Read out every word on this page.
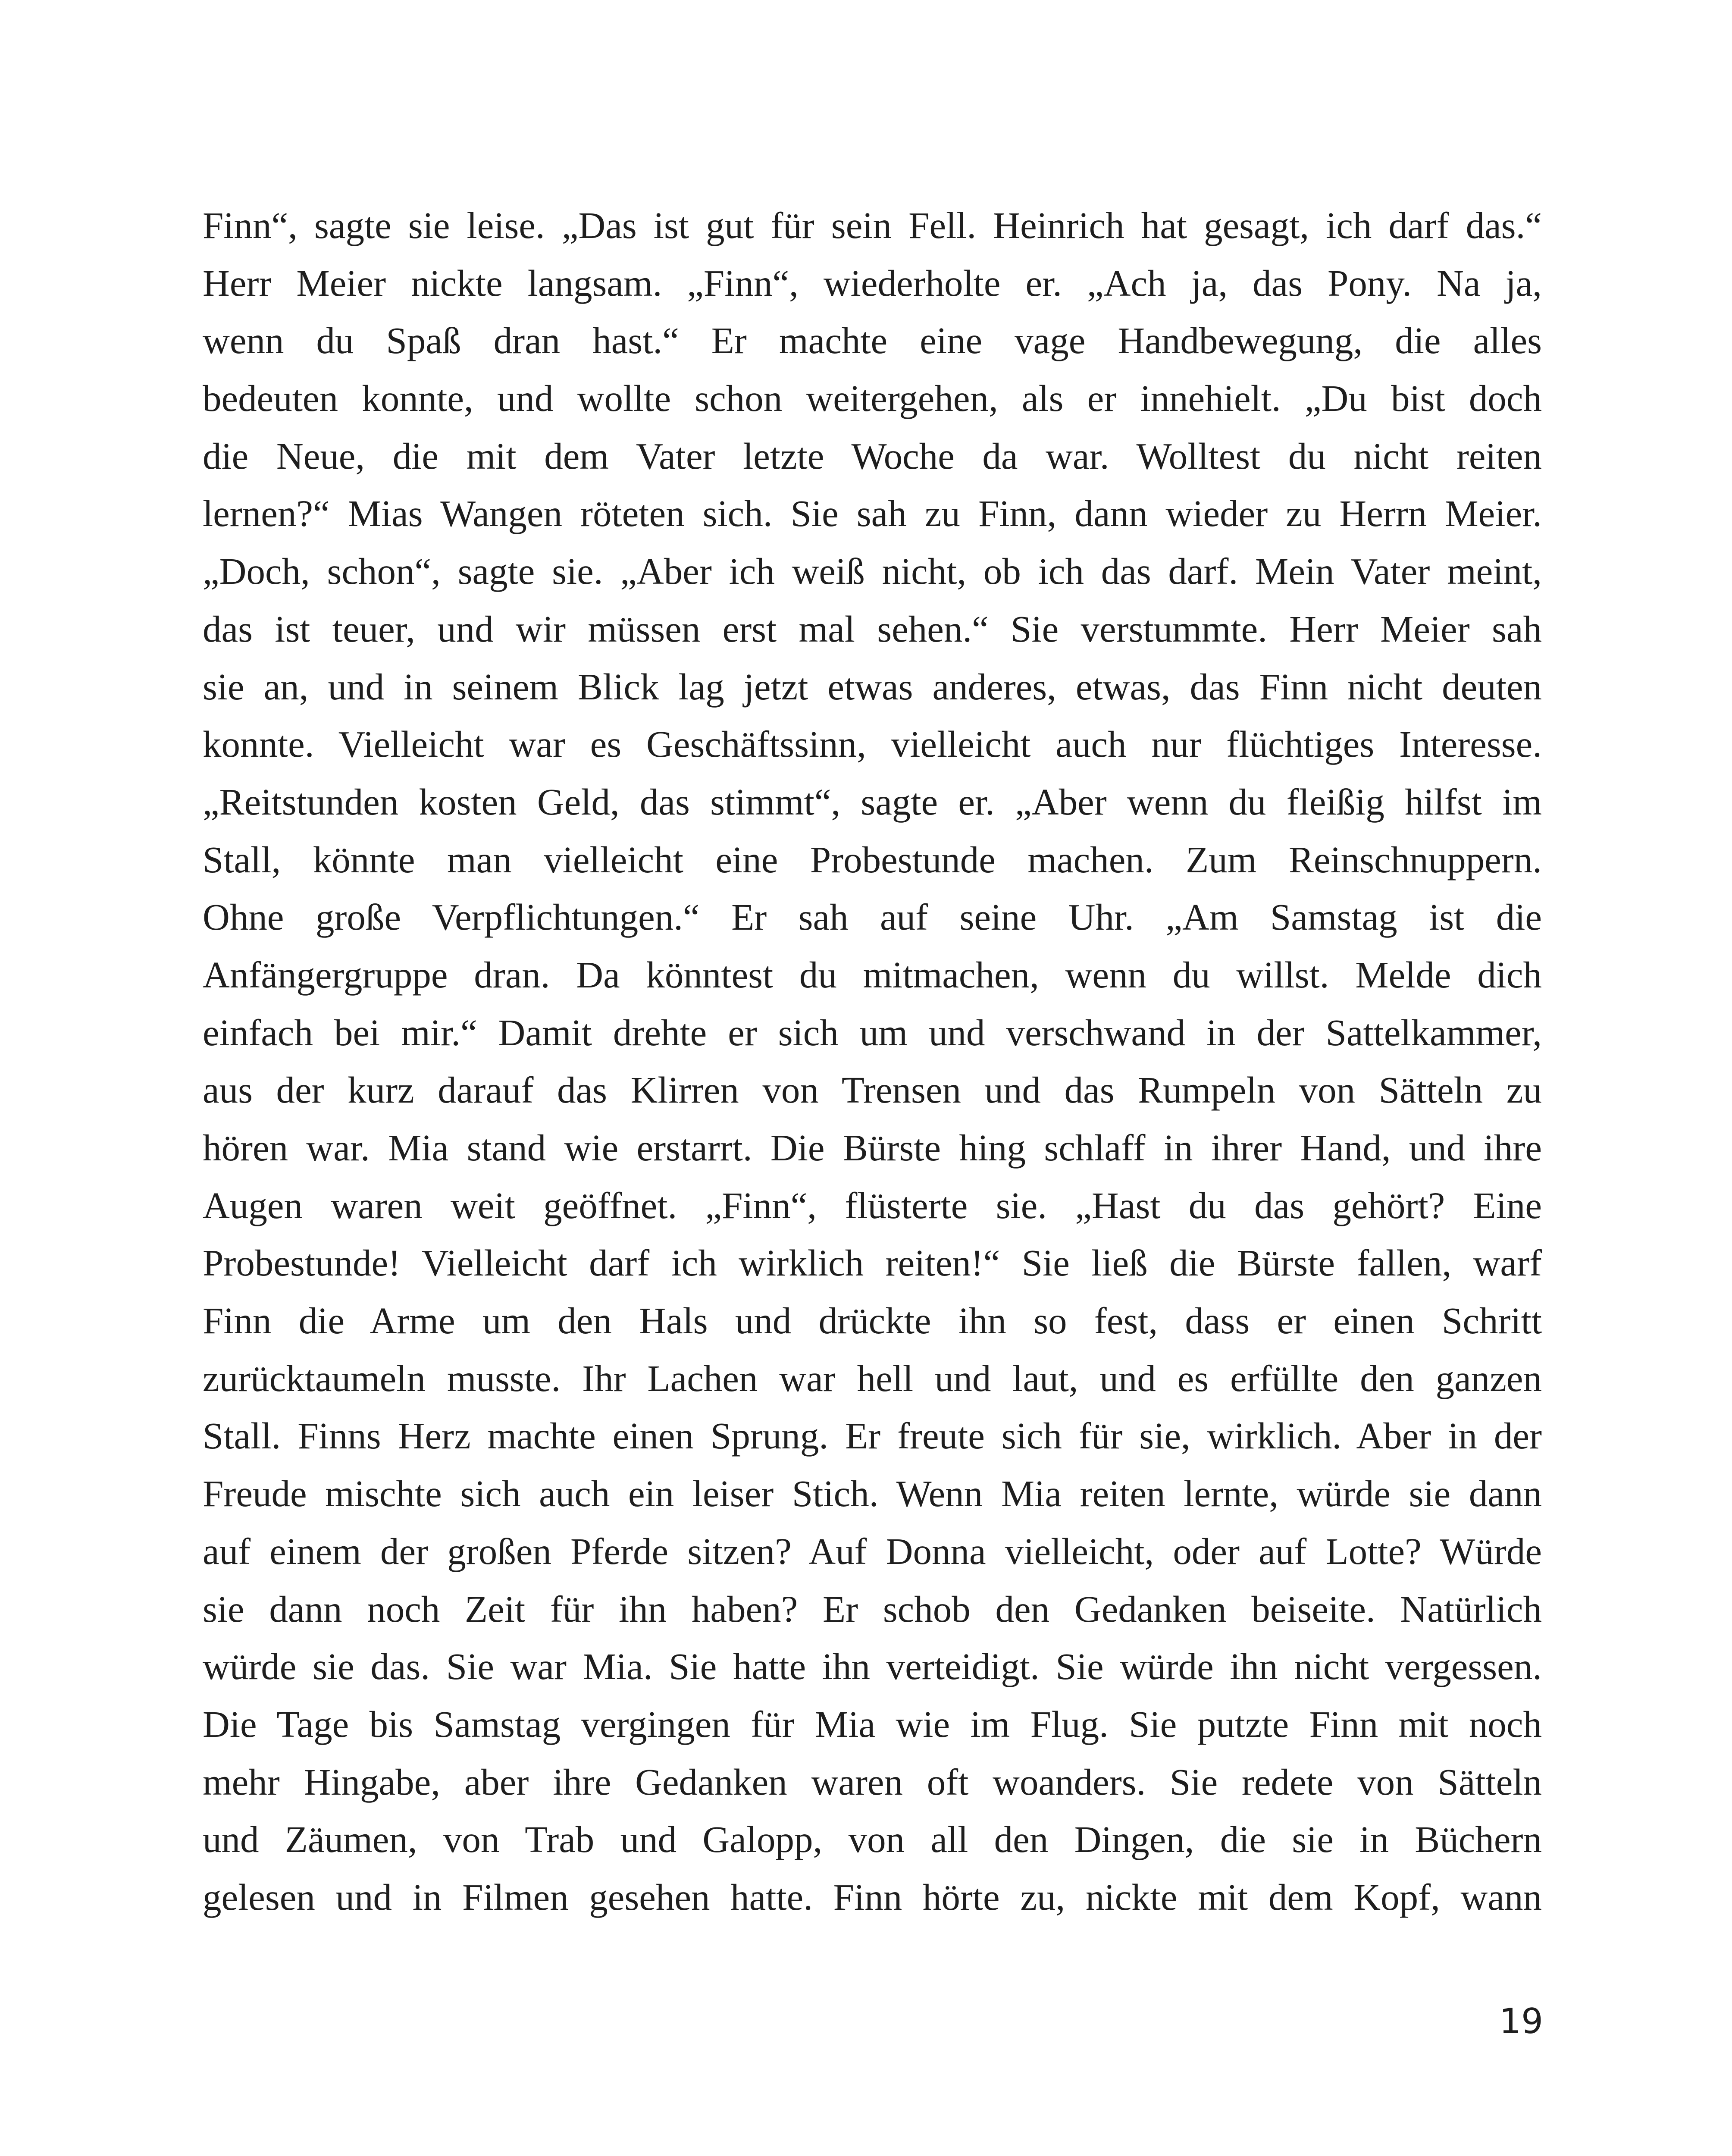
Finn“, sagte sie leise. „Das ist gut für sein Fell. Heinrich hat gesagt, ich darf das.“
Herr Meier nickte langsam. „Finn“, wiederholte er. „Ach ja, das Pony. Na ja,
wenn du Spaß dran hast.“ Er machte eine vage Handbewegung, die alles
bedeuten konnte, und wollte schon weitergehen, als er innehielt. „Du bist doch
die Neue, die mit dem Vater letzte Woche da war. Wolltest du nicht reiten
lernen?“ Mias Wangen röteten sich. Sie sah zu Finn, dann wieder zu Herrn Meier.
„Doch, schon“, sagte sie. „Aber ich weiß nicht, ob ich das darf. Mein Vater meint,
das ist teuer, und wir müssen erst mal sehen.“ Sie verstummte. Herr Meier sah
sie an, und in seinem Blick lag jetzt etwas anderes, etwas, das Finn nicht deuten
konnte. Vielleicht war es Geschäftssinn, vielleicht auch nur flüchtiges Interesse.
„Reitstunden kosten Geld, das stimmt“, sagte er. „Aber wenn du fleißig hilfst im
Stall, könnte man vielleicht eine Probestunde machen. Zum Reinschnuppern.
Ohne große Verpflichtungen.“ Er sah auf seine Uhr. „Am Samstag ist die
Anfängergruppe dran. Da könntest du mitmachen, wenn du willst. Melde dich
einfach bei mir.“ Damit drehte er sich um und verschwand in der Sattelkammer,
aus der kurz darauf das Klirren von Trensen und das Rumpeln von Sätteln zu
hören war. Mia stand wie erstarrt. Die Bürste hing schlaff in ihrer Hand, und ihre
Augen waren weit geöffnet. „Finn“, flüsterte sie. „Hast du das gehört? Eine
Probestunde! Vielleicht darf ich wirklich reiten!“ Sie ließ die Bürste fallen, warf
Finn die Arme um den Hals und drückte ihn so fest, dass er einen Schritt
zurücktaumeln musste. Ihr Lachen war hell und laut, und es erfüllte den ganzen
Stall. Finns Herz machte einen Sprung. Er freute sich für sie, wirklich. Aber in der
Freude mischte sich auch ein leiser Stich. Wenn Mia reiten lernte, würde sie dann
auf einem der großen Pferde sitzen? Auf Donna vielleicht, oder auf Lotte? Würde
sie dann noch Zeit für ihn haben? Er schob den Gedanken beiseite. Natürlich
würde sie das. Sie war Mia. Sie hatte ihn verteidigt. Sie würde ihn nicht vergessen.
Die Tage bis Samstag vergingen für Mia wie im Flug. Sie putzte Finn mit noch
mehr Hingabe, aber ihre Gedanken waren oft woanders. Sie redete von Sätteln
und Zäumen, von Trab und Galopp, von all den Dingen, die sie in Büchern
gelesen und in Filmen gesehen hatte. Finn hörte zu, nickte mit dem Kopf, wann
19
